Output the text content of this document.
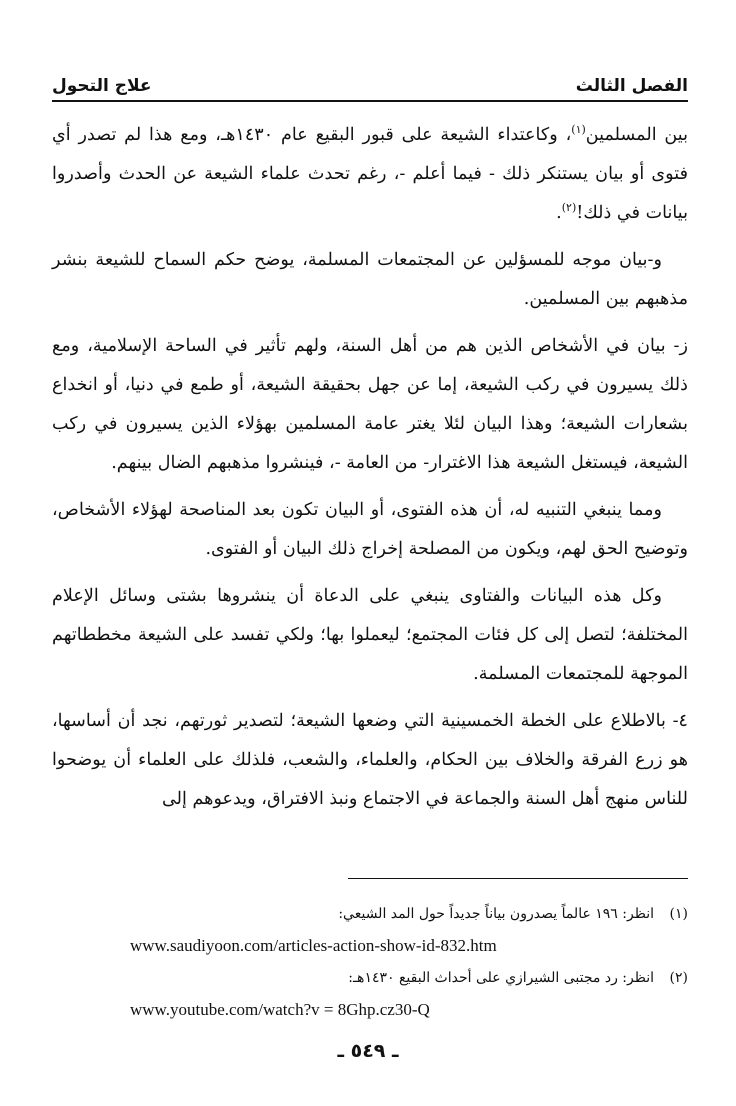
الفصل الثالث
علاج التحول

بين المسلمين$^{(١)}$، وكاعتداء الشيعة على قبور البقيع عام ١٤٣٠هـ، ومع هذا لم تصدر أي فتوى أو بيان يستنكر ذلك - فيما أعلم -، رغم تحدث علماء الشيعة عن الحدث وأصدروا بيانات في ذلك!$^{(٢)}$.

و-بيان موجه للمسؤلين عن المجتمعات المسلمة، يوضح حكم السماح للشيعة بنشر مذهبهم بين المسلمين.

ز- بيان في الأشخاص الذين هم من أهل السنة، ولهم تأثير في الساحة الإسلامية، ومع ذلك يسيرون في ركب الشيعة، إما عن جهل بحقيقة الشيعة، أو طمع في دنيا، أو انخداع بشعارات الشيعة؛ وهذا البيان لئلا يغتر عامة المسلمين بهؤلاء الذين يسيرون في ركب الشيعة، فيستغل الشيعة هذا الاغترار- من العامة -، فينشروا مذهبهم الضال بينهم.

ومما ينبغي التنبيه له، أن هذه الفتوى، أو البيان تكون بعد المناصحة لهؤلاء الأشخاص، وتوضيح الحق لهم، ويكون من المصلحة إخراج ذلك البيان أو الفتوى.

وكل هذه البيانات والفتاوى ينبغي على الدعاة أن ينشروها بشتى وسائل الإعلام المختلفة؛ لتصل إلى كل فئات المجتمع؛ ليعملوا بها؛ ولكي تفسد على الشيعة مخططاتهم الموجهة للمجتمعات المسلمة.

٤- بالاطلاع على الخطة الخمسينية التي وضعها الشيعة؛ لتصدير ثورتهم، نجد أن أساسها، هو زرع الفرقة والخلاف بين الحكام، والعلماء، والشعب، فلذلك على العلماء أن يوضحوا للناس منهج أهل السنة والجماعة في الاجتماع ونبذ الافتراق، ويدعوهم إلى

(١)
انظر: ١٩٦ عالماً يصدرون بياناً جديداً حول المد الشيعي:
www.saudiyoon.com/articles-action-show-id-832.htm
(٢)
انظر: رد مجتبى الشيرازي على أحداث البقيع ١٤٣٠هـ:
www.youtube.com/watch?v = 8Ghp.cz30-Q
ـ ٥٤٩ ـ
